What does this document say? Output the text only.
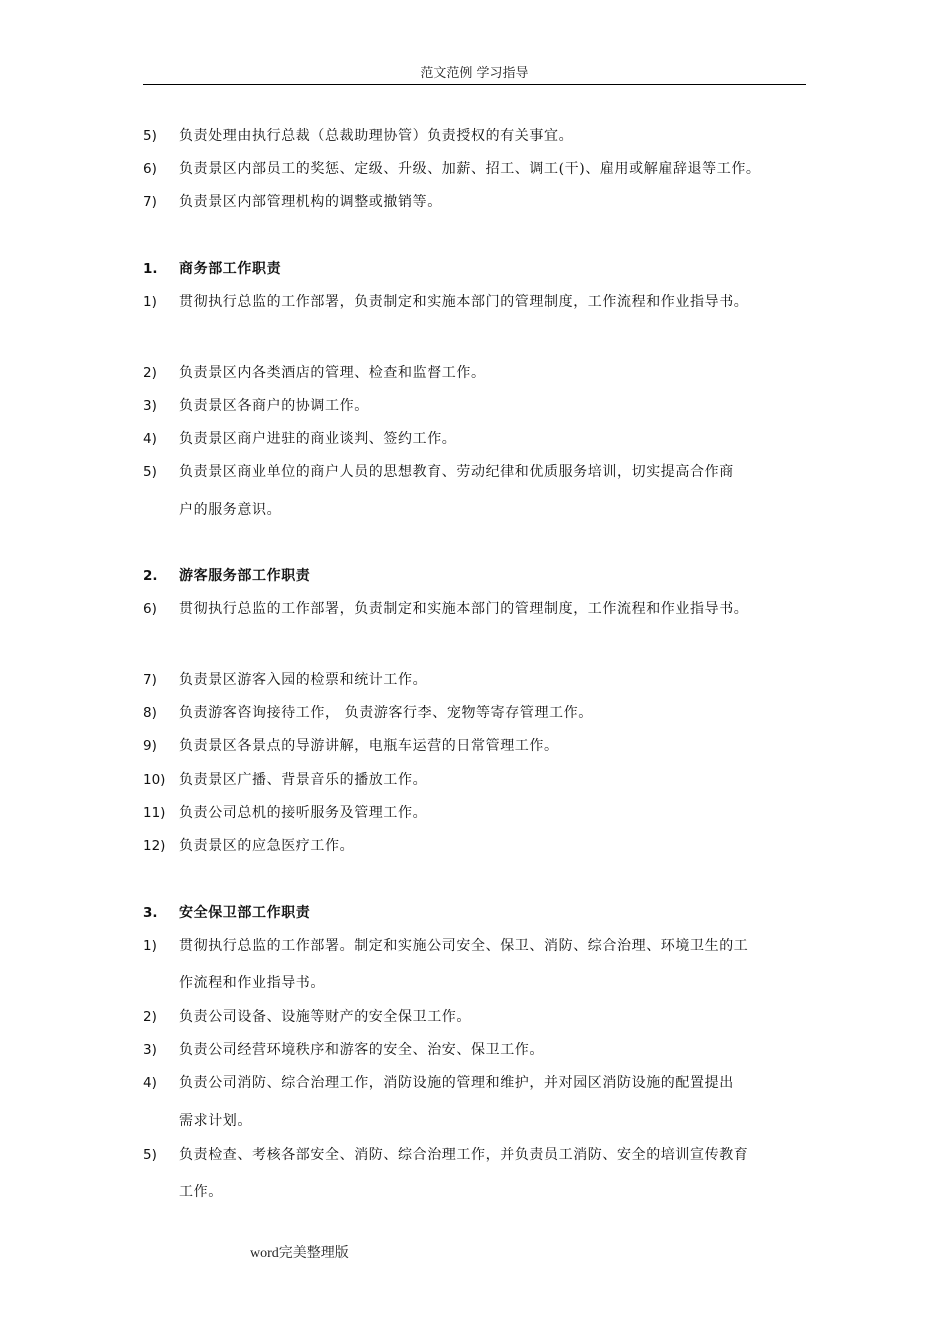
范文范例 学习指导
5)	负责处理由执行总裁（总裁助理协管）负责授权的有关事宜。
6)	负责景区内部员工的奖惩、定级、升级、加薪、招工、调工(干)、雇用或解雇辞退等工作。
7)	负责景区内部管理机构的调整或撤销等。
1.	商务部工作职责
1)	贯彻执行总监的工作部署，负责制定和实施本部门的管理制度，工作流程和作业指导书。
2)	负责景区内各类酒店的管理、检查和监督工作。
3)	负责景区各商户的协调工作。
4)	负责景区商户进驻的商业谈判、签约工作。
5)	负责景区商业单位的商户人员的思想教育、劳动纪律和优质服务培训，切实提高合作商
户的服务意识。
2.	游客服务部工作职责
6)	贯彻执行总监的工作部署，负责制定和实施本部门的管理制度，工作流程和作业指导书。
7)	负责景区游客入园的检票和统计工作。
8)	负责游客咨询接待工作， 负责游客行李、宠物等寄存管理工作。
9)	负责景区各景点的导游讲解，电瓶车运营的日常管理工作。
10) 负责景区广播、背景音乐的播放工作。
11) 负责公司总机的接听服务及管理工作。
12) 负责景区的应急医疗工作。
3.	安全保卫部工作职责
1)	贯彻执行总监的工作部署。制定和实施公司安全、保卫、消防、综合治理、环境卫生的工
作流程和作业指导书。
2)	负责公司设备、设施等财产的安全保卫工作。
3)	负责公司经营环境秩序和游客的安全、治安、保卫工作。
4)	负责公司消防、综合治理工作，消防设施的管理和维护，并对园区消防设施的配置提出
需求计划。
5)	负责检查、考核各部安全、消防、综合治理工作，并负责员工消防、安全的培训宣传教育
工作。
word完美整理版
